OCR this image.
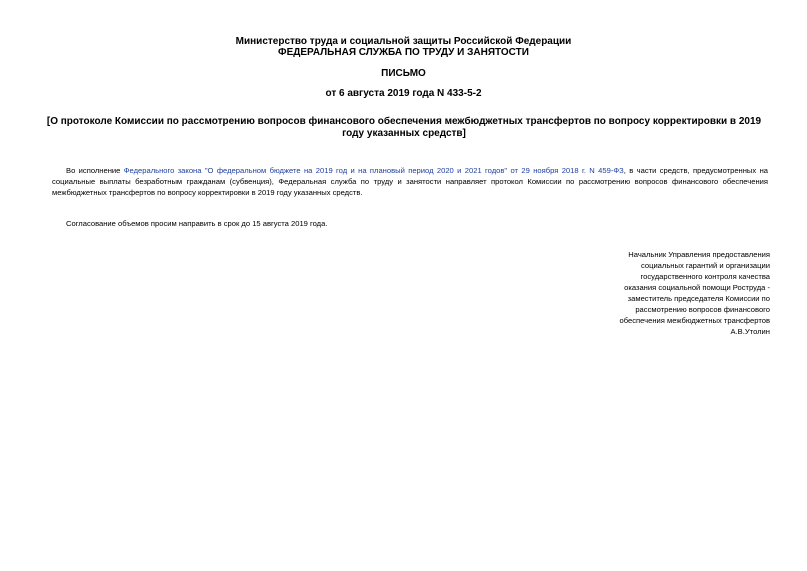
Министерство труда и социальной защиты Российской Федерации
ФЕДЕРАЛЬНАЯ СЛУЖБА ПО ТРУДУ И ЗАНЯТОСТИ
ПИСЬМО
от 6 августа 2019 года N 433-5-2
[О протоколе Комиссии по рассмотрению вопросов финансового обеспечения межбюджетных трансфертов по вопросу корректировки в 2019 году указанных средств]

Во исполнение Федерального закона "О федеральном бюджете на 2019 год и на плановый период 2020 и 2021 годов" от 29 ноября 2018 г. N 459-ФЗ, в части средств, предусмотренных на социальные выплаты безработным гражданам (субвенция), Федеральная служба по труду и занятости направляет протокол Комиссии по рассмотрению вопросов финансового обеспечения межбюджетных трансфертов по вопросу корректировки в 2019 году указанных средств.

Согласование объемов просим направить в срок до 15 августа 2019 года.

Начальник Управления предоставления
социальных гарантий и организации
государственного контроля качества
оказания социальной помощи Роструда -
заместитель председателя Комиссии по
рассмотрению вопросов финансового
обеспечения межбюджетных трансфертов
А.В.Утолин
